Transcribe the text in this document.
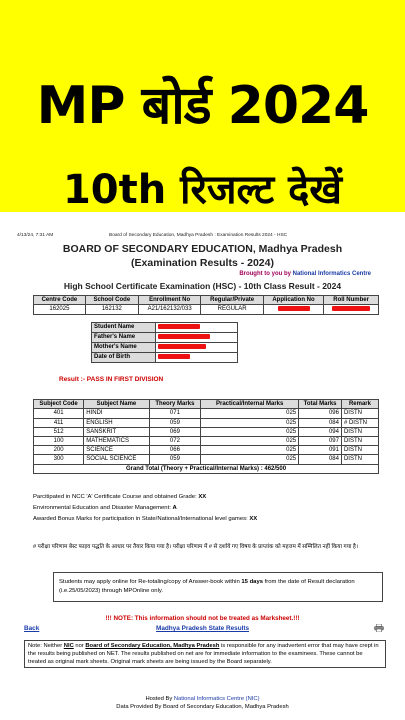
MP बोर्ड 2024
10th रिजल्ट देखें
4/13/24, 7:31 AM	Board of Secondary Education, Madhya Pradesh : Examination Results 2024 - HSC
BOARD OF SECONDARY EDUCATION, Madhya Pradesh
(Examination Results - 2024)
Brought to you by National Informatics Centre
High School Certificate Examination (HSC) - 10th Class Result - 2024
Centre Code	School Code	Enrollment No	Regular/Private	Application No	Roll Number
162025	162132	A21/162132/033	REGULAR		
Student Name	
Father's Name	
Mother's Name	
Date of Birth	
Result :- PASS IN FIRST DIVISION
Subject Code	Subject Name	Theory Marks	Practical/Internal Marks	Total Marks	Remark
401	HINDI	071	025	096	DISTN
411	ENGLISH	059	025	084	# DISTN
512	SANSKRIT	069	025	094	DISTN
100	MATHEMATICS	072	025	097	DISTN
200	SCIENCE	066	025	091	DISTN
300	SOCIAL SCIENCE	059	025	084	DISTN
Grand Total (Theory + Practical/Internal Marks) : 462/500					
Parcitipated in NCC 'A' Certificate Course and obtained Grade: XX
Environmental Education and Disaster Management: A
Awarded Bonus Marks for participation in State/National/International level games: XX
# परीक्षा परिणाम बेस्ट फाइव पद्धति के आधार पर तैयार किया गया है। परीक्षा परिणाम में # से दर्शाये गए विषय के प्राप्तांक को महत्तम में सम्मिलित नहीं किया गया है।
Students may apply online for Re-totaling/copy of Answer-book within 15 days from the date of Result declaration (i.e.25/05/2023) through MPOnline only.
!!! NOTE: This information should not be treated as Marksheet.!!!
Back	Madhya Pradesh State Results
Note: Neither NIC nor Board of Secondary Education, Madhya Pradesh is responsible for any inadvertent error that may have crept in the results being published on NET. The results published on net are for immediate information to the examinees. These cannot be treated as original mark sheets. Original mark sheets are being issued by the Board separately.
Hosted By National Informatics Centre (NIC)
Data Provided By Board of Secondary Education, Madhya Pradesh
